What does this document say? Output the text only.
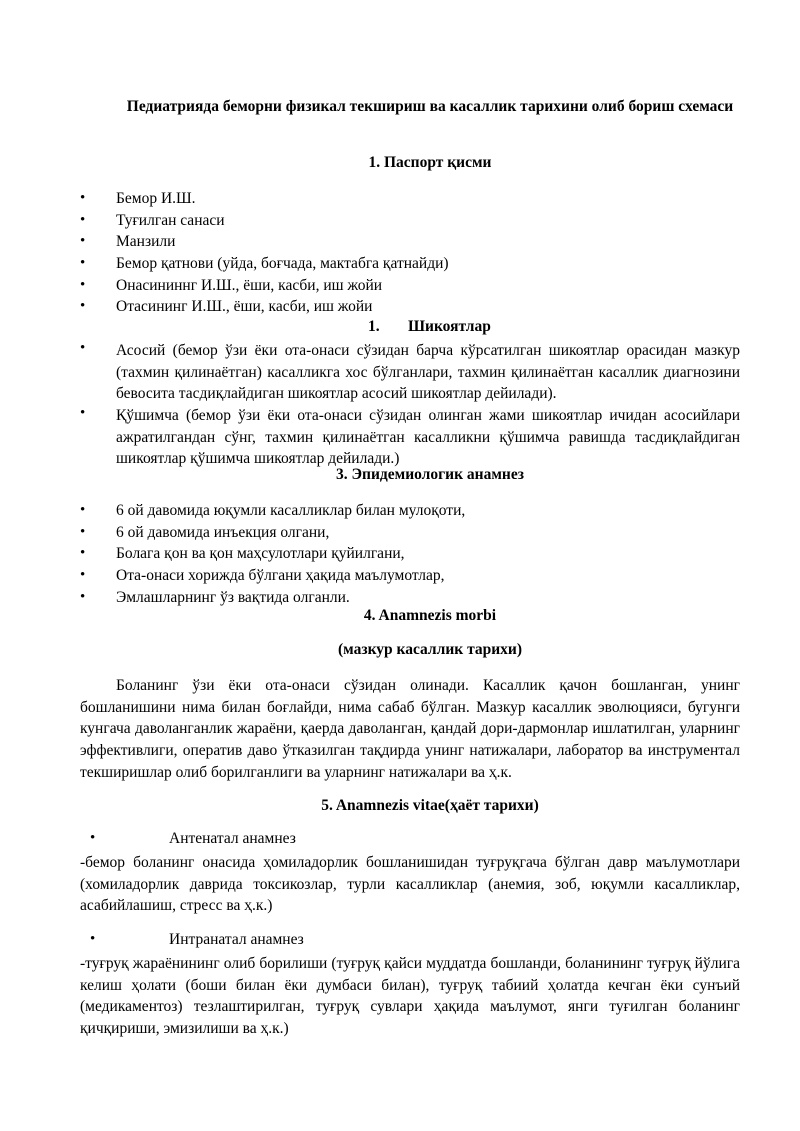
Педиатрияда беморни физикал текшириш ва касаллик тарихини олиб бориш схемаси
1. Паспорт қисми
• Бемор И.Ш.
• Туғилган санаси
• Манзили
• Бемор қатнови (уйда, боғчада, мактабга қатнайди)
• Онасининнг И.Ш., ёши, касби, иш жойи
• Отасининг И.Ш., ёши, касби, иш жойи
1. Шикоятлар
• Асосий (бемор ўзи ёки ота-онаси сўзидан барча кўрсатилган шикоятлар орасидан мазкур (тахмин қилинаётган) касалликга хос бўлганлари, тахмин қилинаётган касаллик диагнозини бевосита тасдиқлайдиган шикоятлар асосий шикоятлар дейилади).
• Қўшимча (бемор ўзи ёки ота-онаси сўзидан олинган жами шикоятлар ичидан асосийлари ажратилгандан сўнг, тахмин қилинаётган касалликни қўшимча равишда тасдиқлайдиган шикоятлар қўшимча шикоятлар дейилади.)
3. Эпидемиологик анамнез
• 6 ой давомида юқумли касалликлар билан мулоқоти,
• 6 ой давомида инъекция олгани,
• Болага қон ва қон маҳсулотлари қуйилгани,
• Ота-онаси хорижда бўлгани ҳақида маълумотлар,
• Эмлашларнинг ўз вақтида олганли.
4. Anamnezis morbi
(мазкур касаллик тарихи)
Боланинг ўзи ёки ота-онаси сўзидан олинади. Касаллик қачон бошланган, унинг бошланишини нима билан боғлайди, нима сабаб бўлган. Мазкур касаллик эволюцияси, бугунги кунгача даволанганлик жараёни, қаерда даволанган, қандай дори-дармонлар ишлатилган, уларнинг эффективлиги, оператив даво ўтказилган тақдирда унинг натижалари, лаборатор ва инструментал текширишлар олиб борилганлиги ва уларнинг натижалари ва ҳ.к.
5. Anamnezis vitae(ҳаёт тарихи)
•	Антенатал анамнез
-бемор боланинг онасида ҳомиладорлик бошланишидан туғруқгача бўлган давр маълумотлари (хомиладорлик даврида токсикозлар, турли касалликлар (анемия, зоб, юқумли касалликлар, асабийлашиш, стресс ва ҳ.к.)
•	Интранатал анамнез
-туғруқ жараёнининг олиб борилиши (туғруқ қайси муддатда бошланди, боланининг туғруқ йўлига келиш ҳолати (боши билан ёки думбаси билан), туғруқ табиий ҳолатда кечган ёки сунъий (медикаментоз) тезлаштирилган, туғруқ сувлари ҳақида маълумот, янги туғилган боланинг қичқириши, эмизилиши ва ҳ.к.)
